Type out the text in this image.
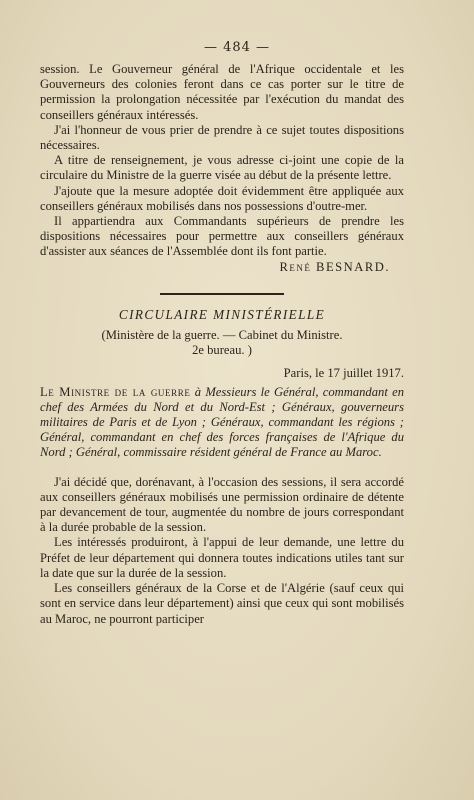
— 484 —

session. Le Gouverneur général de l'Afrique occidentale et les Gouverneurs des colonies feront dans ce cas porter sur le titre de permission la prolongation nécessitée par l'exécution du mandat des conseillers généraux intéressés.

J'ai l'honneur de vous prier de prendre à ce sujet toutes dispositions nécessaires.

A titre de renseignement, je vous adresse ci-joint une copie de la circulaire du Ministre de la guerre visée au début de la présente lettre.

J'ajoute que la mesure adoptée doit évidemment être appliquée aux conseillers généraux mobilisés dans nos possessions d'outre-mer.

Il appartiendra aux Commandants supérieurs de prendre les dispositions nécessaires pour permettre aux conseillers généraux d'assister aux séances de l'Assemblée dont ils font partie.

René BESNARD.

CIRCULAIRE MINISTÉRIELLE

(Ministère de la guerre. — Cabinet du Ministre.

2e bureau. )

Paris, le 17 juillet 1917.

Le Ministre de la guerre à Messieurs le Général, commandant en chef des Armées du Nord et du Nord-Est ; Généraux, gouverneurs militaires de Paris et de Lyon ; Généraux, commandant les régions ; Général, commandant en chef des forces françaises de l'Afrique du Nord ; Général, commissaire résident général de France au Maroc.

J'ai décidé que, dorénavant, à l'occasion des sessions, il sera accordé aux conseillers généraux mobilisés une permission ordinaire de détente par devancement de tour, augmentée du nombre de jours correspondant à la durée probable de la session.

Les intéressés produiront, à l'appui de leur demande, une lettre du Préfet de leur département qui donnera toutes indications utiles tant sur la date que sur la durée de la session.

Les conseillers généraux de la Corse et de l'Algérie (sauf ceux qui sont en service dans leur département) ainsi que ceux qui sont mobilisés au Maroc, ne pourront participer
